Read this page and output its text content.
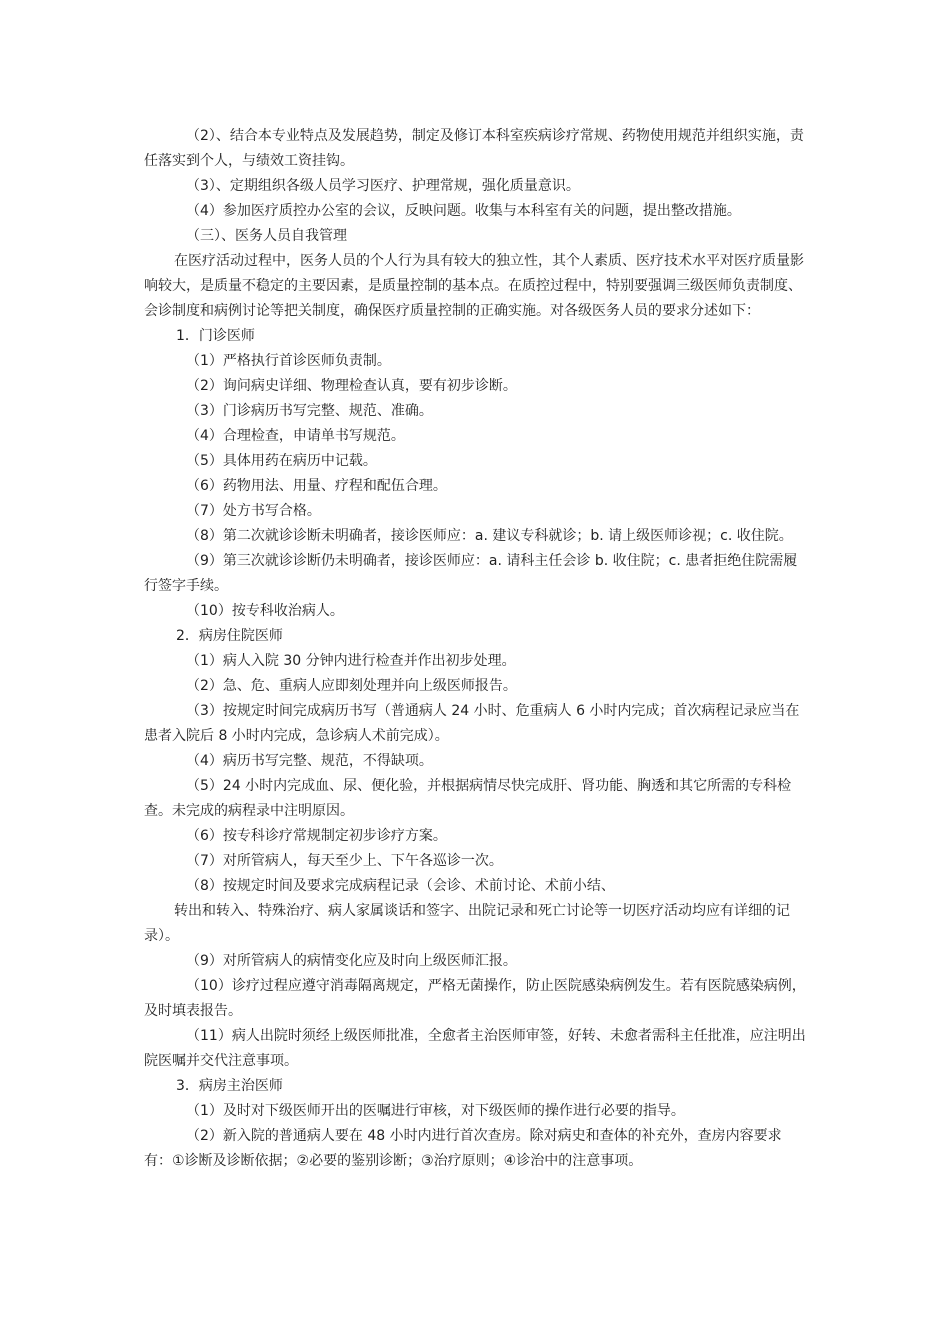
（2）、结合本专业特点及发展趋势，制定及修订本科室疾病诊疗常规、药物使用规范并组织实施，责任落实到个人，与绩效工资挂钩。

（3）、定期组织各级人员学习医疗、护理常规，强化质量意识。

（4）参加医疗质控办公室的会议，反映问题。收集与本科室有关的问题，提出整改措施。

（三）、医务人员自我管理

在医疗活动过程中，医务人员的个人行为具有较大的独立性，其个人素质、医疗技术水平对医疗质量影响较大，是质量不稳定的主要因素，是质量控制的基本点。在质控过程中，特别要强调三级医师负责制度、会诊制度和病例讨论等把关制度，确保医疗质量控制的正确实施。对各级医务人员的要求分述如下：

1．门诊医师

（1）严格执行首诊医师负责制。

（2）询问病史详细、物理检查认真，要有初步诊断。

（3）门诊病历书写完整、规范、准确。

（4）合理检查，申请单书写规范。

（5）具体用药在病历中记载。

（6）药物用法、用量、疗程和配伍合理。

（7）处方书写合格。

（8）第二次就诊诊断未明确者，接诊医师应：a. 建议专科就诊；b. 请上级医师诊视；c. 收住院。

（9）第三次就诊诊断仍未明确者，接诊医师应：a. 请科主任会诊 b. 收住院；c. 患者拒绝住院需履行签字手续。

（10）按专科收治病人。

2．病房住院医师

（1）病人入院 30 分钟内进行检查并作出初步处理。

（2）急、危、重病人应即刻处理并向上级医师报告。

（3）按规定时间完成病历书写（普通病人 24 小时、危重病人 6 小时内完成；首次病程记录应当在患者入院后 8 小时内完成，急诊病人术前完成）。

（4）病历书写完整、规范，不得缺项。

（5）24 小时内完成血、尿、便化验，并根据病情尽快完成肝、肾功能、胸透和其它所需的专科检查。未完成的病程录中注明原因。

（6）按专科诊疗常规制定初步诊疗方案。

（7）对所管病人，每天至少上、下午各巡诊一次。

（8）按规定时间及要求完成病程记录（会诊、术前讨论、术前小结、

转出和转入、特殊治疗、病人家属谈话和签字、出院记录和死亡讨论等一切医疗活动均应有详细的记录）。

（9）对所管病人的病情变化应及时向上级医师汇报。

（10）诊疗过程应遵守消毒隔离规定，严格无菌操作，防止医院感染病例发生。若有医院感染病例，及时填表报告。

（11）病人出院时须经上级医师批准，全愈者主治医师审签，好转、未愈者需科主任批准，应注明出院医嘱并交代注意事项。

3．病房主治医师

（1）及时对下级医师开出的医嘱进行审核，对下级医师的操作进行必要的指导。

（2）新入院的普通病人要在 48 小时内进行首次查房。除对病史和查体的补充外，查房内容要求有：①诊断及诊断依据；②必要的鉴别诊断；③治疗原则；④诊治中的注意事项。
